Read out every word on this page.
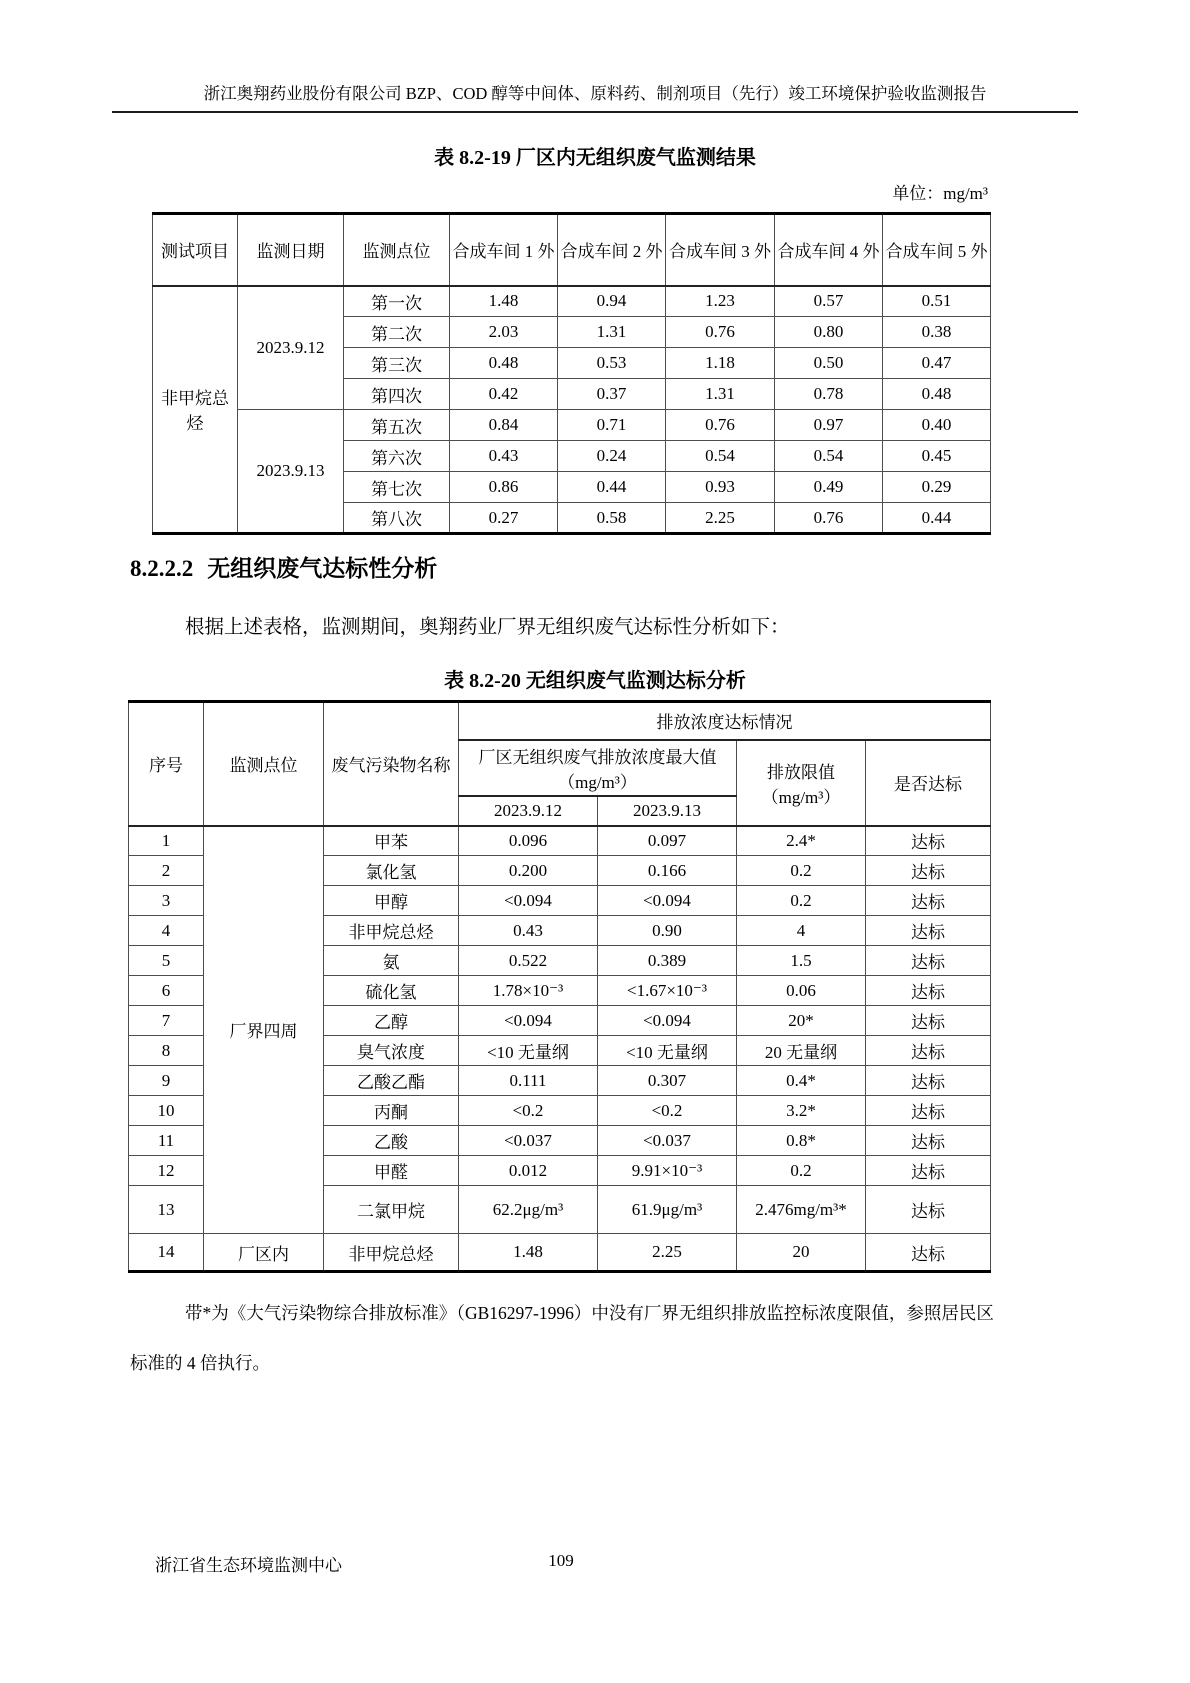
浙江奥翔药业股份有限公司 BZP、COD 醇等中间体、原料药、制剂项目（先行）竣工环境保护验收监测报告
表 8.2-19 厂区内无组织废气监测结果
单位：mg/m³
测试项目	监测日期	监测点位	合成车间 1 外	合成车间 2 外	合成车间 3 外	合成车间 4 外	合成车间 5 外
非甲烷总烃	2023.9.12	第一次	1.48	0.94	1.23	0.57	0.51
		第二次	2.03	1.31	0.76	0.80	0.38
		第三次	0.48	0.53	1.18	0.50	0.47
		第四次	0.42	0.37	1.31	0.78	0.48
	2023.9.13	第五次	0.84	0.71	0.76	0.97	0.40
		第六次	0.43	0.24	0.54	0.54	0.45
		第七次	0.86	0.44	0.93	0.49	0.29
		第八次	0.27	0.58	2.25	0.76	0.44
8.2.2.2 无组织废气达标性分析
根据上述表格，监测期间，奥翔药业厂界无组织废气达标性分析如下：
表 8.2-20 无组织废气监测达标分析
序号	监测点位	废气污染物名称	排放浓度达标情况			
			厂区无组织废气排放浓度最大值（mg/m³）		排放限值（mg/m³）	是否达标
			2023.9.12	2023.9.13		
1	厂界四周	甲苯	0.096	0.097	2.4*	达标
2		氯化氢	0.200	0.166	0.2	达标
3		甲醇	<0.094	<0.094	0.2	达标
4		非甲烷总烃	0.43	0.90	4	达标
5		氨	0.522	0.389	1.5	达标
6		硫化氢	1.78×10⁻³	<1.67×10⁻³	0.06	达标
7		乙醇	<0.094	<0.094	20*	达标
8		臭气浓度	<10 无量纲	<10 无量纲	20 无量纲	达标
9		乙酸乙酯	0.111	0.307	0.4*	达标
10		丙酮	<0.2	<0.2	3.2*	达标
11		乙酸	<0.037	<0.037	0.8*	达标
12		甲醛	0.012	9.91×10⁻³	0.2	达标
13		二氯甲烷	62.2μg/m³	61.9μg/m³	2.476mg/m³*	达标
14	厂区内	非甲烷总烃	1.48	2.25	20	达标
带*为《大气污染物综合排放标准》（GB16297-1996）中没有厂界无组织排放监控标浓度限值，参照居民区标准的 4 倍执行。
109
浙江省生态环境监测中心
